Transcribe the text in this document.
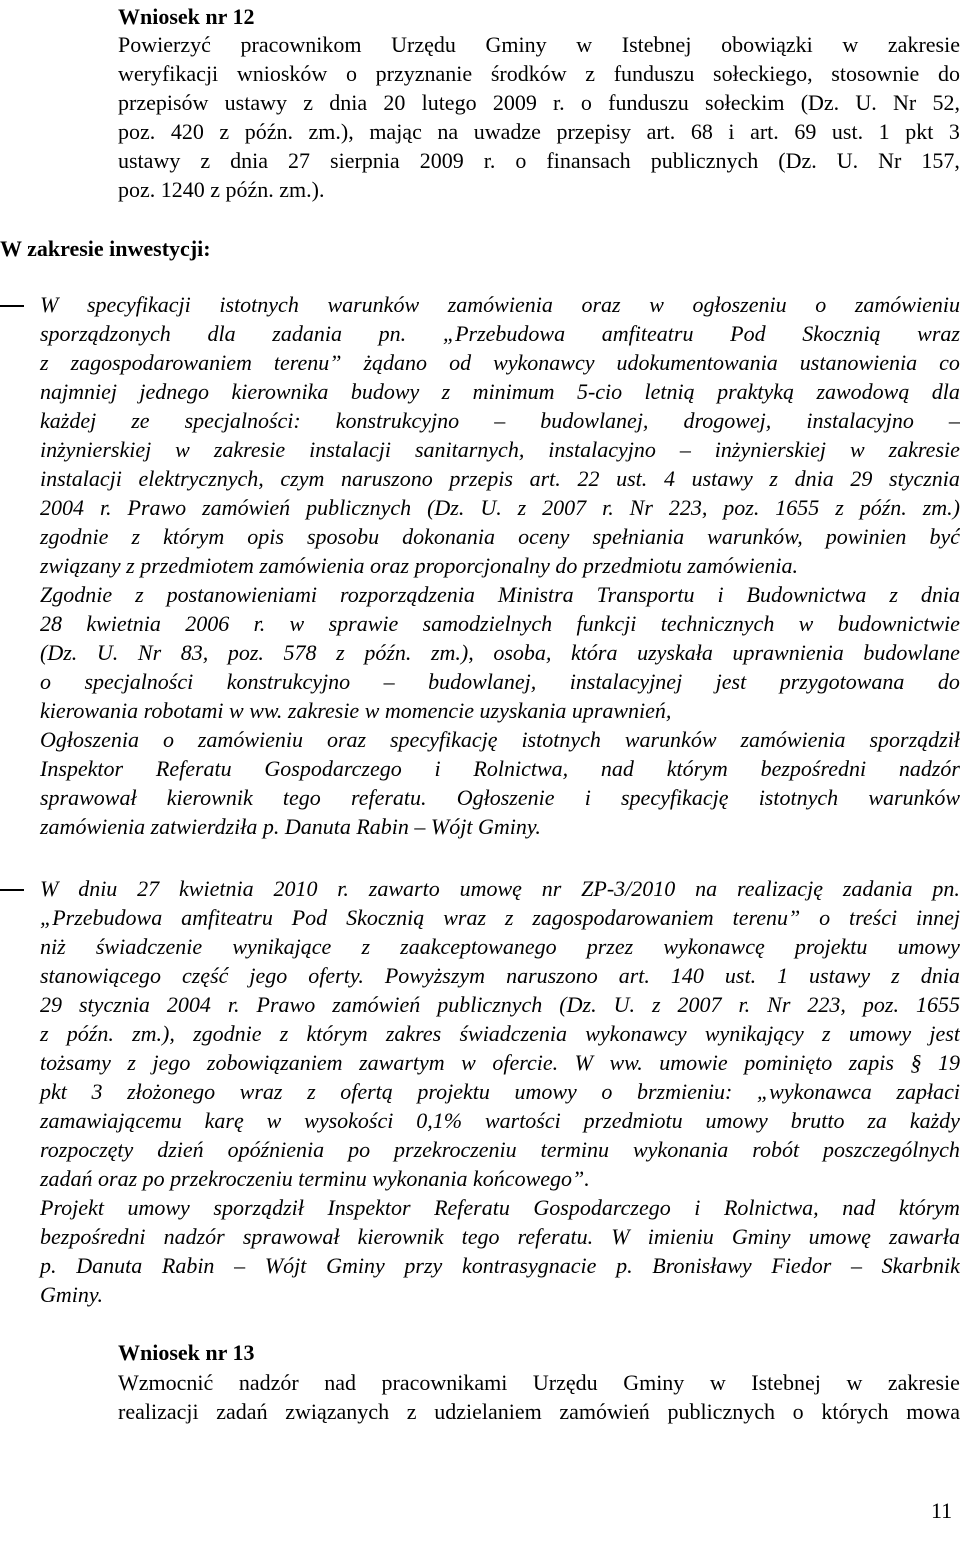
Wniosek nr 12
Powierzyć pracownikom Urzędu Gminy w Istebnej obowiązki w zakresie
weryfikacji wniosków o przyznanie środków z funduszu sołeckiego, stosownie do
przepisów ustawy z dnia 20 lutego 2009 r. o funduszu sołeckim (Dz. U. Nr 52,
poz. 420 z późn. zm.), mając na uwadze przepisy art. 68 i art. 69 ust. 1 pkt 3
ustawy z dnia 27 sierpnia 2009 r. o finansach publicznych (Dz. U. Nr 157,
poz. 1240 z późn. zm.).
W zakresie inwestycji:
W specyfikacji istotnych warunków zamówienia oraz w ogłoszeniu o zamówieniu
sporządzonych dla zadania pn. „Przebudowa amfiteatru Pod Skocznią wraz
z zagospodarowaniem terenu” żądano od wykonawcy udokumentowania ustanowienia co
najmniej jednego kierownika budowy z minimum 5-cio letnią praktyką zawodową dla
każdej ze specjalności: konstrukcyjno – budowlanej, drogowej, instalacyjno –
inżynierskiej w zakresie instalacji sanitarnych, instalacyjno – inżynierskiej w zakresie
instalacji elektrycznych, czym naruszono przepis art. 22 ust. 4 ustawy z dnia 29 stycznia
2004 r. Prawo zamówień publicznych (Dz. U. z 2007 r. Nr 223, poz. 1655 z późn. zm.)
zgodnie z którym opis sposobu dokonania oceny spełniania warunków, powinien być
związany z przedmiotem zamówienia oraz proporcjonalny do przedmiotu zamówienia.
Zgodnie z postanowieniami rozporządzenia Ministra Transportu i Budownictwa z dnia
28 kwietnia 2006 r. w sprawie samodzielnych funkcji technicznych w budownictwie
(Dz. U. Nr 83, poz. 578 z późn. zm.), osoba, która uzyskała uprawnienia budowlane
o specjalności konstrukcyjno – budowlanej, instalacyjnej jest przygotowana do
kierowania robotami w ww. zakresie w momencie uzyskania uprawnień,
Ogłoszenia o zamówieniu oraz specyfikację istotnych warunków zamówienia sporządził
Inspektor Referatu Gospodarczego i Rolnictwa, nad którym bezpośredni nadzór
sprawował kierownik tego referatu. Ogłoszenie i specyfikację istotnych warunków
zamówienia zatwierdziła p. Danuta Rabin – Wójt Gminy.
W dniu 27 kwietnia 2010 r. zawarto umowę nr ZP-3/2010 na realizację zadania pn.
„Przebudowa amfiteatru Pod Skocznią wraz z zagospodarowaniem terenu” o treści innej
niż świadczenie wynikające z zaakceptowanego przez wykonawcę projektu umowy
stanowiącego część jego oferty. Powyższym naruszono art. 140 ust. 1 ustawy z dnia
29 stycznia 2004 r. Prawo zamówień publicznych (Dz. U. z 2007 r. Nr 223, poz. 1655
z późn. zm.), zgodnie z którym zakres świadczenia wykonawcy wynikający z umowy jest
tożsamy z jego zobowiązaniem zawartym w ofercie. W ww. umowie pominięto zapis § 19
pkt 3 złożonego wraz z ofertą projektu umowy o brzmieniu: „wykonawca zapłaci
zamawiającemu karę w wysokości 0,1% wartości przedmiotu umowy brutto za każdy
rozpoczęty dzień opóźnienia po przekroczeniu terminu wykonania robót poszczególnych
zadań oraz po przekroczeniu terminu wykonania końcowego”.
Projekt umowy sporządził Inspektor Referatu Gospodarczego i Rolnictwa, nad którym
bezpośredni nadzór sprawował kierownik tego referatu. W imieniu Gminy umowę zawarła
p. Danuta Rabin – Wójt Gminy przy kontrasygnacie p. Bronisławy Fiedor – Skarbnik
Gminy.
Wniosek nr 13
Wzmocnić nadzór nad pracownikami Urzędu Gminy w Istebnej w zakresie
realizacji zadań związanych z udzielaniem zamówień publicznych o których mowa
11
